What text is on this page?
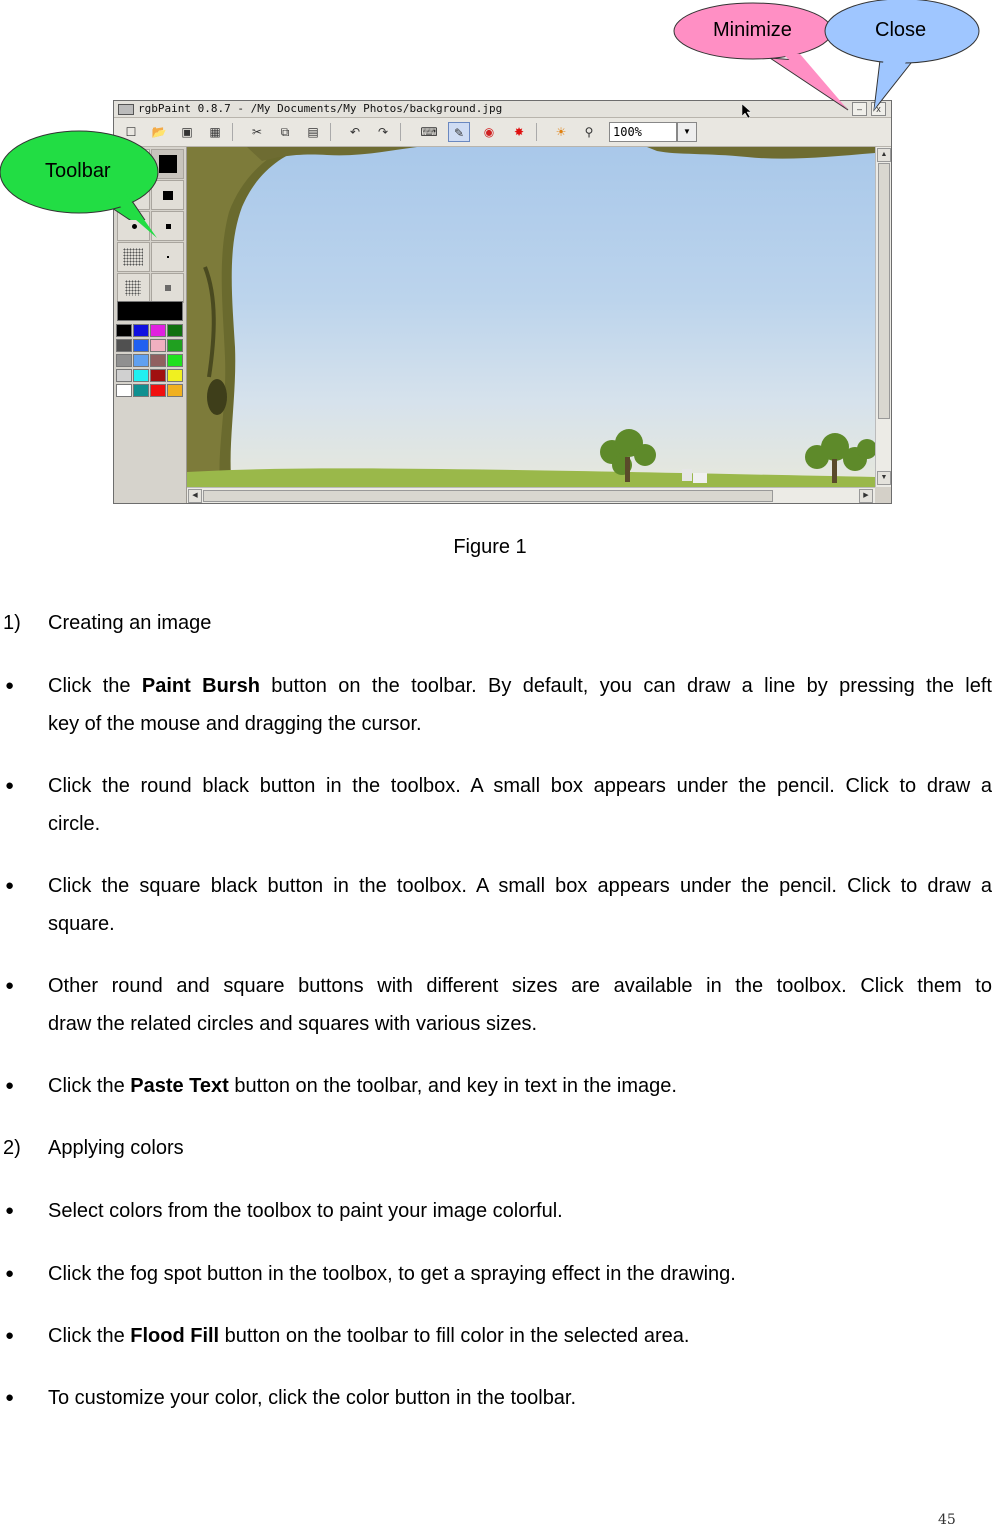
rgbPaint 0.8.7 - /My Documents/My Photos/background.jpg	–	x
☐	📂	▣	▦	✂	⧉	▤	↶	↷	⌨	✎	◉	✸	☀	⚲	100%	▼
▲
▼
◀	▶
Minimize	Close
Toolbar
Figure 1
1) Creating an image
● Click the Paint Bursh button on the toolbar. By default, you can draw a line by pressing the left
key of the mouse and dragging the cursor.
● Click the round black button in the toolbox. A small box appears under the pencil. Click to draw a
circle.
● Click the square black button in the toolbox. A small box appears under the pencil. Click to draw a
square.
● Other round and square buttons with different sizes are available in the toolbox. Click them to
draw the related circles and squares with various sizes.
● Click the Paste Text button on the toolbar, and key in text in the image.
2) Applying colors
● Select colors from the toolbox to paint your image colorful.
● Click the fog spot button in the toolbox, to get a spraying effect in the drawing.
● Click the Flood Fill button on the toolbar to fill color in the selected area.
● To customize your color, click the color button in the toolbar.
45
